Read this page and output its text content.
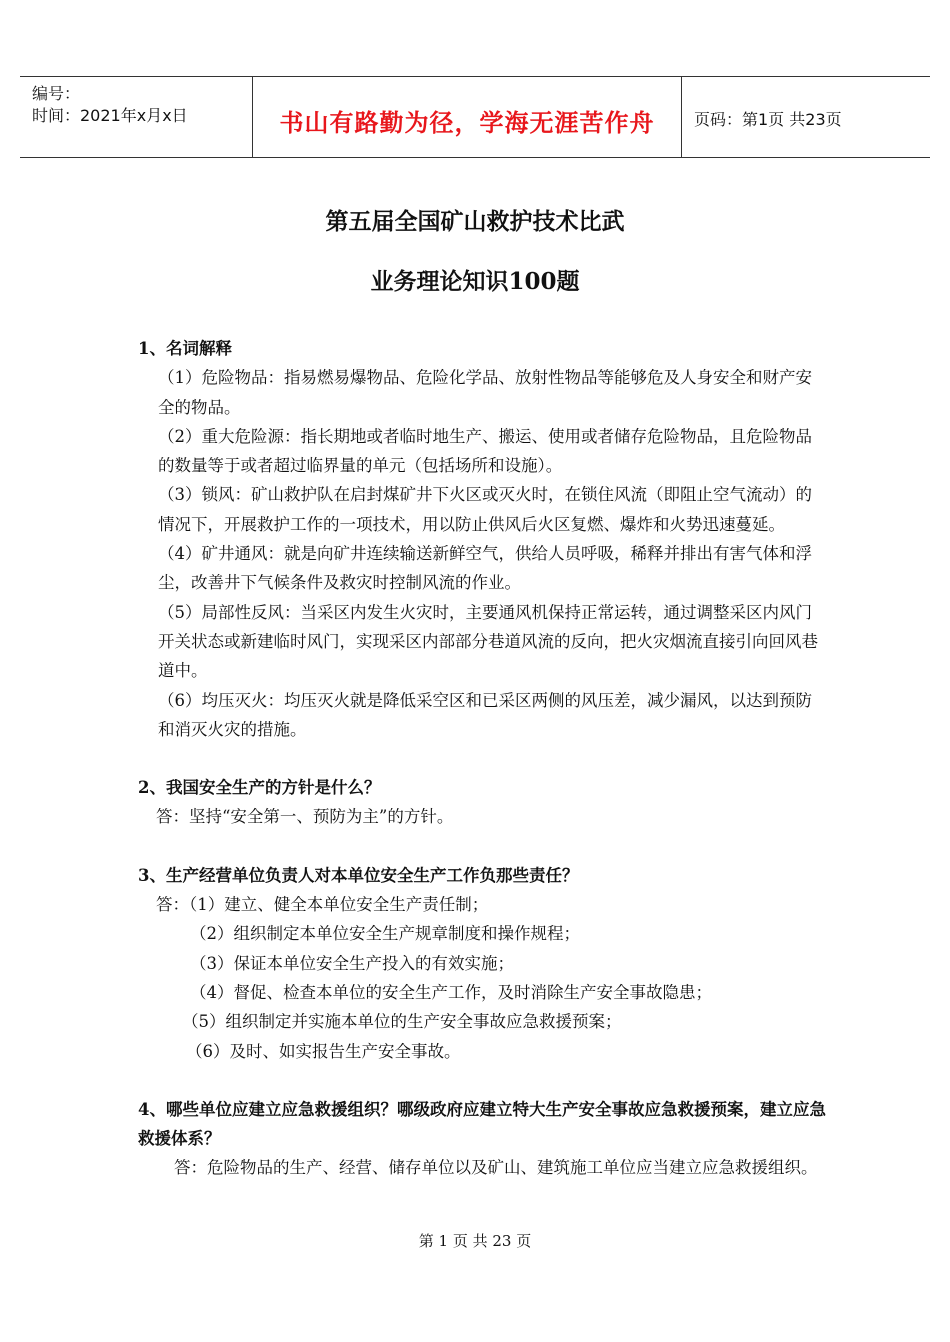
编号：
时间：2021年x月x日	书山有路勤为径，学海无涯苦作舟	页码：第1页 共23页
第五届全国矿山救护技术比武
业务理论知识100题

1、名词解释

（1）危险物品：指易燃易爆物品、危险化学品、放射性物品等能够危及人身安全和财产安全的物品。

（2）重大危险源：指长期地或者临时地生产、搬运、使用或者储存危险物品，且危险物品的数量等于或者超过临界量的单元（包括场所和设施）。

（3）锁风：矿山救护队在启封煤矿井下火区或灭火时，在锁住风流（即阻止空气流动）的情况下，开展救护工作的一项技术，用以防止供风后火区复燃、爆炸和火势迅速蔓延。

（4）矿井通风：就是向矿井连续输送新鲜空气，供给人员呼吸，稀释并排出有害气体和浮尘，改善井下气候条件及救灾时控制风流的作业。

（5）局部性反风：当采区内发生火灾时，主要通风机保持正常运转，通过调整采区内风门开关状态或新建临时风门，实现采区内部部分巷道风流的反向，把火灾烟流直接引向回风巷道中。

（6）均压灭火：均压灭火就是降低采空区和已采区两侧的风压差，减少漏风，以达到预防和消灭火灾的措施。

2、我国安全生产的方针是什么？

答：坚持“安全第一、预防为主”的方针。

3、生产经营单位负责人对本单位安全生产工作负那些责任？

答：（1）建立、健全本单位安全生产责任制；

（2）组织制定本单位安全生产规章制度和操作规程；

（3）保证本单位安全生产投入的有效实施；

（4）督促、检查本单位的安全生产工作，及时消除生产安全事故隐患；

（5）组织制定并实施本单位的生产安全事故应急救援预案；

（6）及时、如实报告生产安全事故。

4、哪些单位应建立应急救援组织？哪级政府应建立特大生产安全事故应急救援预案，建立应急救援体系？

答：危险物品的生产、经营、储存单位以及矿山、建筑施工单位应当建立应急救援组织。

第 1 页 共 23 页
